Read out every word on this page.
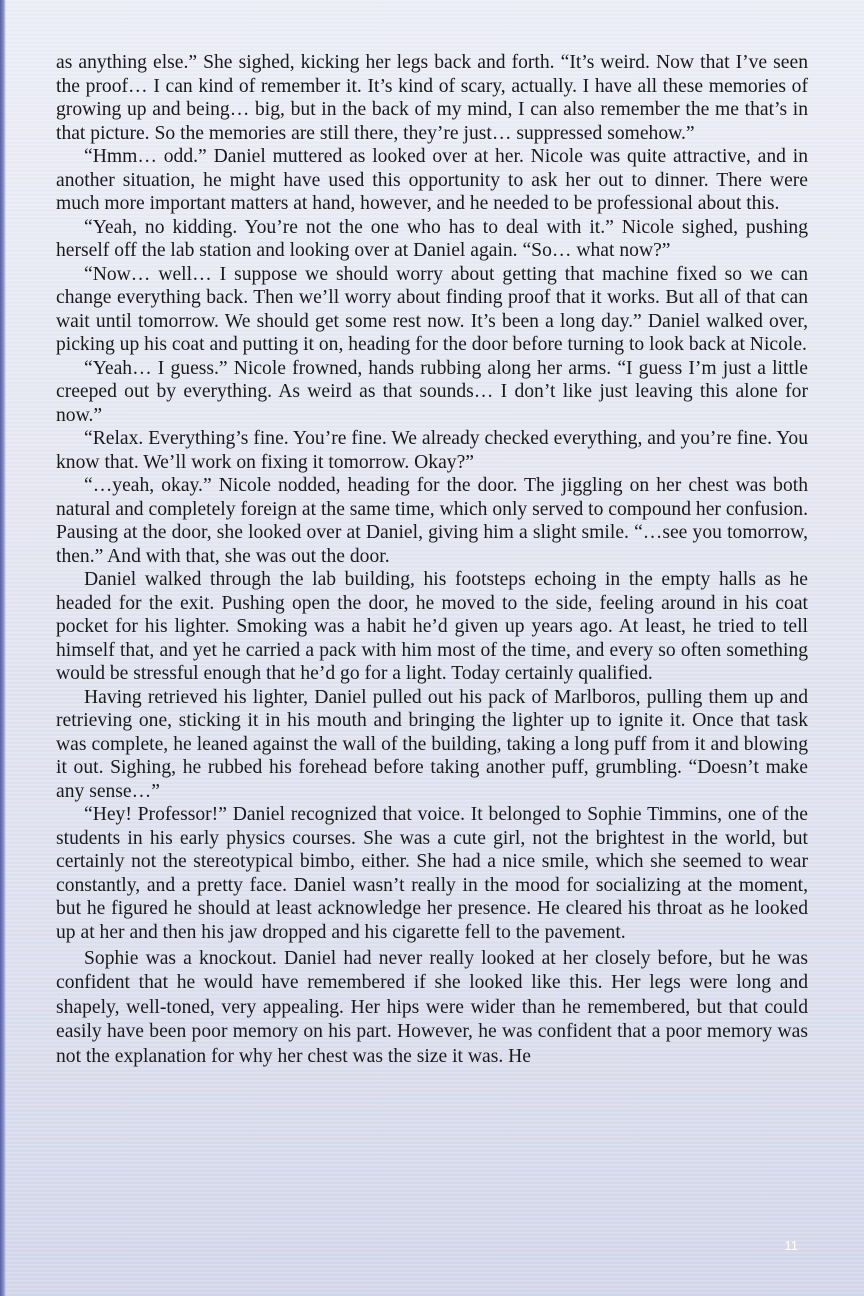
as anything else.” She sighed, kicking her legs back and forth. “It’s weird. Now that I’ve seen the proof… I can kind of remember it. It’s kind of scary, actually. I have all these memories of growing up and being… big, but in the back of my mind, I can also remember the me that’s in that picture. So the memories are still there, they’re just… suppressed somehow.”

“Hmm… odd.” Daniel muttered as looked over at her. Nicole was quite attractive, and in another situation, he might have used this opportunity to ask her out to dinner. There were much more important matters at hand, however, and he needed to be professional about this.

“Yeah, no kidding. You’re not the one who has to deal with it.” Nicole sighed, pushing herself off the lab station and looking over at Daniel again. “So… what now?”

“Now… well… I suppose we should worry about getting that machine fixed so we can change everything back. Then we’ll worry about finding proof that it works. But all of that can wait until tomorrow. We should get some rest now. It’s been a long day.” Daniel walked over, picking up his coat and putting it on, heading for the door before turning to look back at Nicole.

“Yeah… I guess.” Nicole frowned, hands rubbing along her arms. “I guess I’m just a little creeped out by everything. As weird as that sounds… I don’t like just leaving this alone for now.”

“Relax. Everything’s fine. You’re fine. We already checked everything, and you’re fine. You know that. We’ll work on fixing it tomorrow. Okay?”

“…yeah, okay.” Nicole nodded, heading for the door. The jiggling on her chest was both natural and completely foreign at the same time, which only served to compound her confusion. Pausing at the door, she looked over at Daniel, giving him a slight smile. “…see you tomorrow, then.” And with that, she was out the door.

Daniel walked through the lab building, his footsteps echoing in the empty halls as he headed for the exit. Pushing open the door, he moved to the side, feeling around in his coat pocket for his lighter. Smoking was a habit he’d given up years ago. At least, he tried to tell himself that, and yet he carried a pack with him most of the time, and every so often something would be stressful enough that he’d go for a light. Today certainly qualified.

Having retrieved his lighter, Daniel pulled out his pack of Marlboros, pulling them up and retrieving one, sticking it in his mouth and bringing the lighter up to ignite it. Once that task was complete, he leaned against the wall of the building, taking a long puff from it and blowing it out. Sighing, he rubbed his forehead before taking another puff, grumbling. “Doesn’t make any sense…”

“Hey! Professor!” Daniel recognized that voice. It belonged to Sophie Timmins, one of the students in his early physics courses. She was a cute girl, not the brightest in the world, but certainly not the stereotypical bimbo, either. She had a nice smile, which she seemed to wear constantly, and a pretty face. Daniel wasn’t really in the mood for socializing at the moment, but he figured he should at least acknowledge her presence. He cleared his throat as he looked up at her and then his jaw dropped and his cigarette fell to the pavement.

Sophie was a knockout. Daniel had never really looked at her closely before, but he was confident that he would have remembered if she looked like this. Her legs were long and shapely, well-toned, very appealing. Her hips were wider than he remembered, but that could easily have been poor memory on his part. However, he was confident that a poor memory was not the explanation for why her chest was the size it was. He

11
